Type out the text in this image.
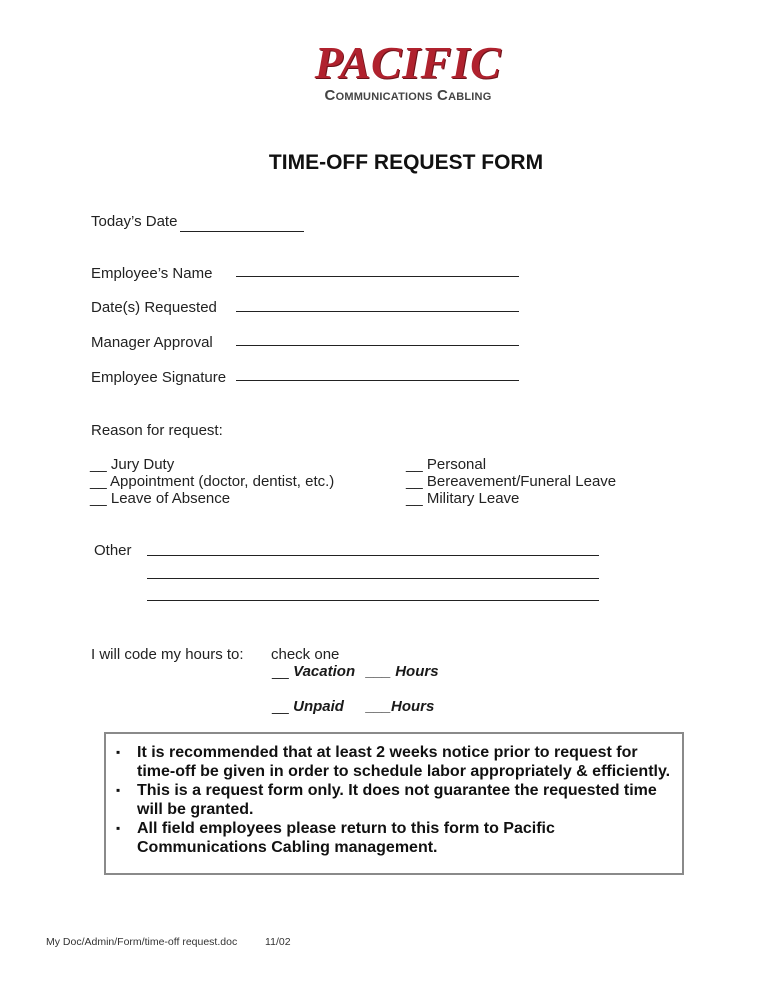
PACIFIC
Communications Cabling
TIME-OFF REQUEST FORM
Today’s Date
Employee’s Name
Date(s) Requested
Manager Approval
Employee Signature
Reason for request:
__ Jury Duty
__ Appointment (doctor, dentist, etc.)
__ Leave of Absence
__ Personal
__ Bereavement/Funeral Leave
__ Military Leave
Other
I will code my hours to: check one
__ Vacation ___ Hours
__ Unpaid ___Hours
▪ It is recommended that at least 2 weeks notice prior to request for time-off be given in order to schedule labor appropriately & efficiently.
▪ This is a request form only. It does not guarantee the requested time will be granted.
▪ All field employees please return to this form to Pacific Communications Cabling management.
My Doc/Admin/Form/time-off request.doc	11/02
